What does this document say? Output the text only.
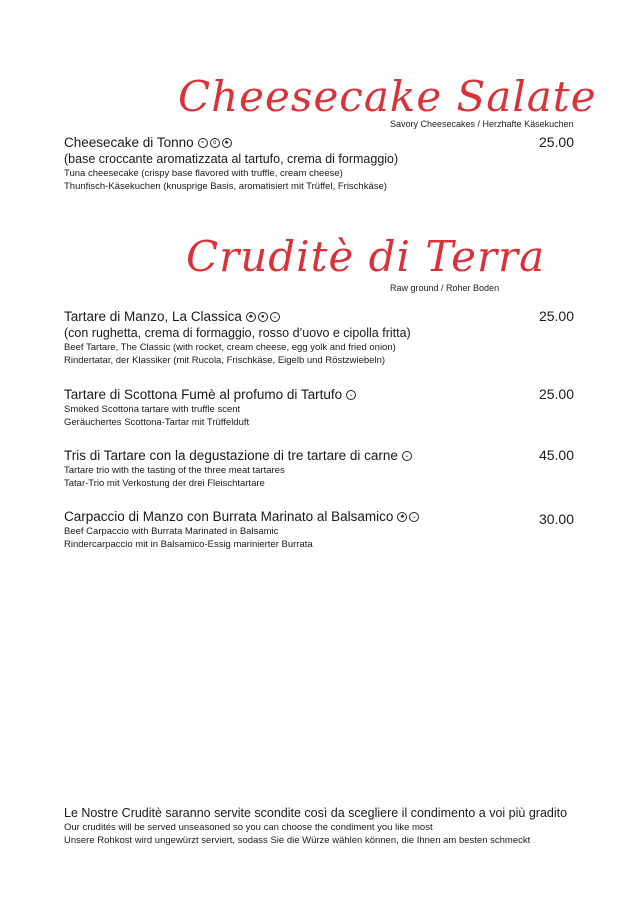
Cheesecake Salate
Savory Cheesecakes / Herzhafte Käsekuchen
Cheesecake di Tonno	≈	o	♣	25.00
(base croccante aromatizzata al tartufo, crema di formaggio)
Tuna cheesecake (crispy base flavored with truffle, cream cheese)
Thunfisch-Käsekuchen (knusprige Basis, aromatisiert mit Trüffel, Frischkäse)
Cruditè di Terra
Raw ground / Roher Boden
Tartare di Manzo, La Classica	♣	●	⌄	25.00
(con rughetta, crema di formaggio, rosso d’uovo e cipolla fritta)
Beef Tartare, The Classic (with rocket, cream cheese, egg yolk and fried onion)
Rindertatar, der Klassiker (mit Rucola, Frischkäse, Eigelb und Röstzwiebeln)
Tartare di Scottona Fumè al profumo di Tartufo	⌄	25.00
Smoked Scottona tartare with truffle scent
Geräuchertes Scottona-Tartar mit Trüffelduft
Tris di Tartare con la degustazione di tre tartare di carne	⌄	45.00
Tartare trio with the tasting of the three meat tartares
Tatar-Trio mit Verkostung der drei Fleischtartare
Carpaccio di Manzo con Burrata Marinato al Balsamico	♣	⌄	30.00
Beef Carpaccio with Burrata Marinated in Balsamic
Rindercarpaccio mit in Balsamico-Essig marinierter Burrata
Le Nostre Cruditè saranno servite scondite così da scegliere il condimento a voi più gradito
Our crudités will be served unseasoned so you can choose the condiment you like most
Unsere Rohkost wird ungewürzt serviert, sodass Sie die Würze wählen können, die Ihnen am besten schmeckt
